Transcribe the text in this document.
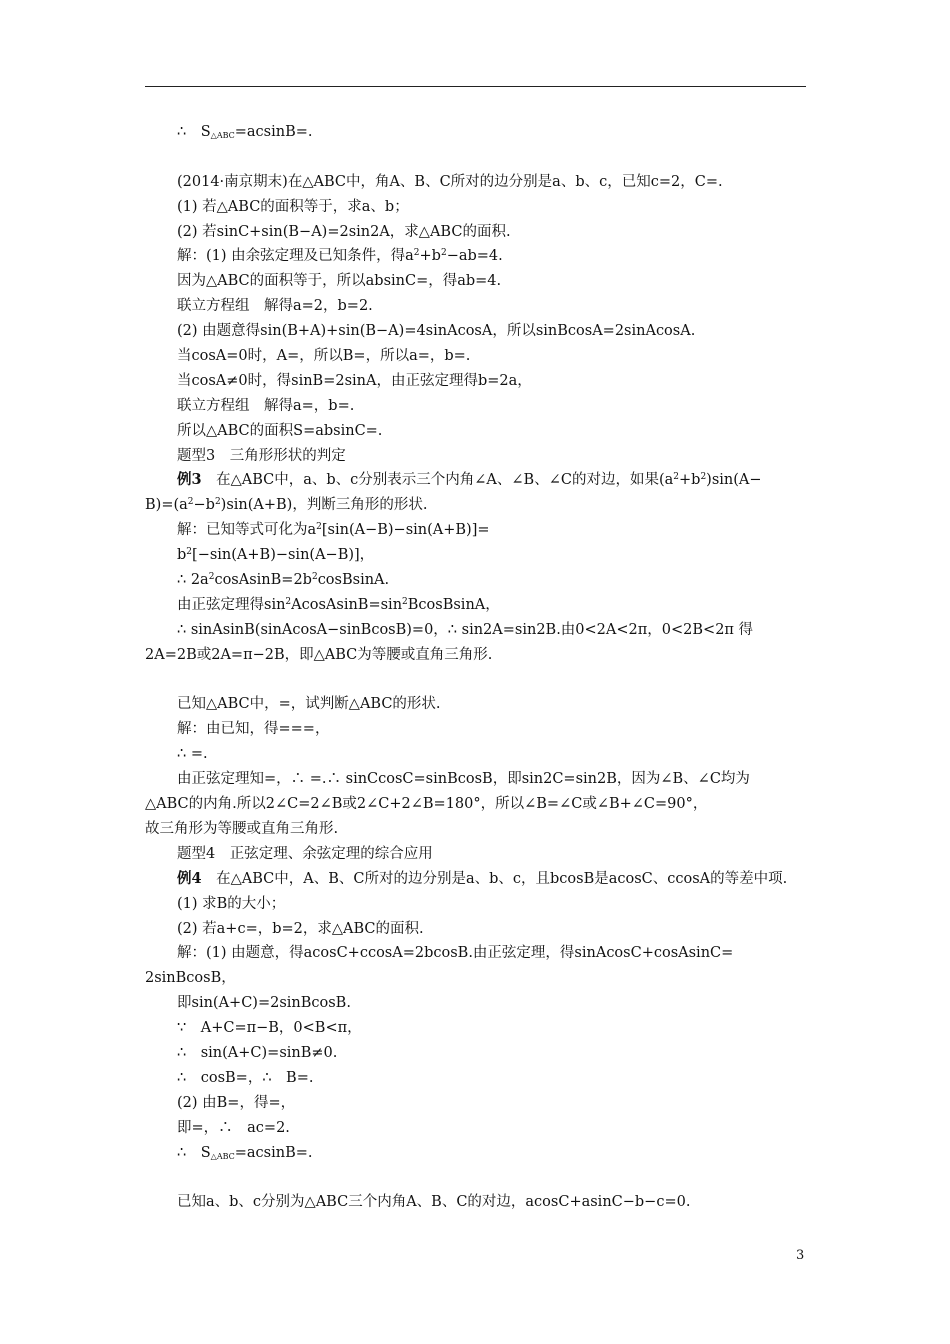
∴　$S_{\triangle ABC}=acsinB=$.
(2014·南京期末)在△ABC中，角A、B、C所对的边分别是a、b、c，已知c=2，C=.
(1) 若△ABC的面积等于，求a、b；
(2) 若sinC+sin(B−A)=2sin2A，求△ABC的面积.
解：(1) 由余弦定理及已知条件，得$a^2+b^2-ab=4$.
因为△ABC的面积等于，所以absinC=，得ab=4.
联立方程组　解得a=2，b=2.
(2) 由题意得sin(B+A)+sin(B−A)=4sinAcosA，所以sinBcosA=2sinAcosA.
当cosA=0时，A=，所以B=，所以a=，b=.
当cosA≠0时，得sinB=2sinA，由正弦定理得b=2a，
联立方程组　解得a=，b=.
所以△ABC的面积S=absinC=.
题型3　三角形形状的判定
例3　在△ABC中，a、b、c分别表示三个内角∠A、∠B、∠C的对边，如果$(a^2+b^2)\sin(A-$
$B)=(a^2-b^2)\sin(A+B)$，判断三角形的形状.
解：已知等式可化为$a^2[\sin(A-B)-\sin(A+B)]=$
$b^2[-\sin(A+B)-\sin(A-B)]$，
∴ $2a^2cosAsinB=2b^2cosBsinA$.
由正弦定理得$\sin^2AcosAsinB=\sin^2BcosBsinA$，
∴ sinAsinB(sinAcosA−sinBcosB)=0，∴ sin2A=sin2B.由0<2A<2π，0<2B<2π 得
2A=2B或2A=π−2B，即△ABC为等腰或直角三角形.
已知△ABC中，=，试判断△ABC的形状.
解：由已知，得===，
∴ =.
由正弦定理知=，∴ =.∴ sinCcosC=sinBcosB，即sin2C=sin2B，因为∠B、∠C均为
△ABC的内角.所以2∠C=2∠B或2∠C+2∠B=180°，所以∠B=∠C或∠B+∠C=90°，
故三角形为等腰或直角三角形.
题型4　正弦定理、余弦定理的综合应用
例4　在△ABC中，A、B、C所对的边分别是a、b、c，且bcosB是acosC、ccosA的等差中项.
(1) 求B的大小；
(2) 若a+c=，b=2，求△ABC的面积.
解：(1) 由题意，得acosC+ccosA=2bcosB.由正弦定理，得sinAcosC+cosAsinC=
2sinBcosB，
即sin(A+C)=2sinBcosB.
∵　A+C=π−B，0<B<π，
∴　sin(A+C)=sinB≠0.
∴　cosB=，∴　B=.
(2) 由B=，得=，
即=，∴　ac=2.
∴　$S_{\triangle ABC}=acsinB=$.
已知a、b、c分别为△ABC三个内角A、B、C的对边，acosC+asinC−b−c=0.
3
